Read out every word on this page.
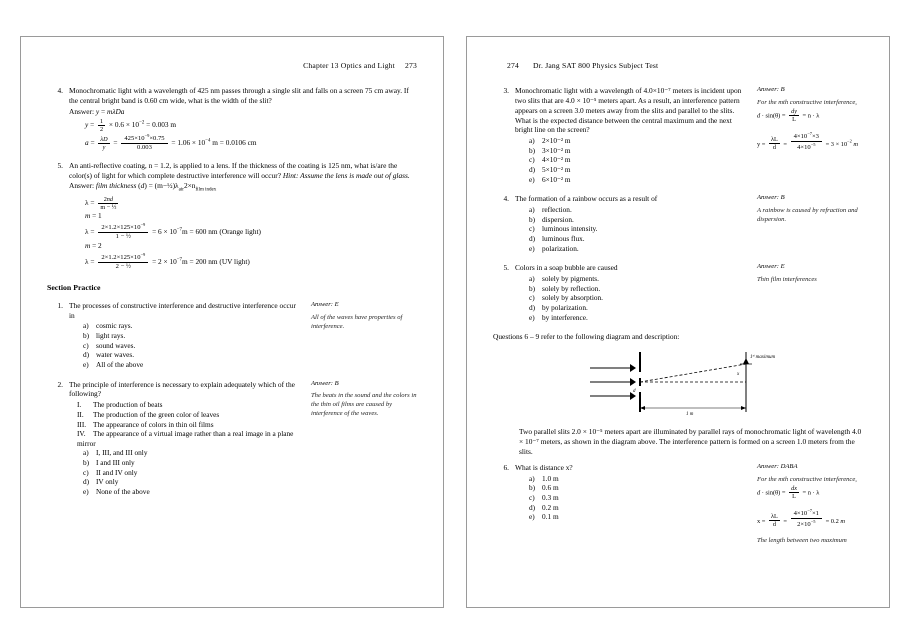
Chapter 13 Optics and Light 273
4. Monochromatic light with a wavelength of 425 nm passes through a single slit and falls on a screen 75 cm away. If the central bright band is 0.60 cm wide, what is the width of the slit?

Answer: y = mλDa

$y = \frac{1}{2} \times 0.6 \times 10^{-2} = 0.003$ m
$a = \frac{\lambda D}{y} = \frac{425\times 10^{-9}\times 0.75}{0.003} = 1.06 \times 10^{-4}$ m = 0.0106 cm
5. An anti-reflective coating, n = 1.2, is applied to a lens. If the thickness of the coating is 125 nm, what is/are the color(s) of light for which complete destructive interference will occur? Hint: Assume the lens is made out of glass.

Answer: film thickness $(d) = (m-\frac{1}{2})\lambda_{air}2\times n_{film index}$

$\lambda = \frac{2nd}{\text{m − ½}}$
m = 1
$\lambda = \frac{2\times 1.2\times 125\times 10^{-9}}{\text{1 − ½}} = 6 \times 10^{-7}m = 600$ nm (Orange light)
m = 2
$\lambda = \frac{2\times 1.2\times 125\times 10^{-9}}{\text{2 − ½}} = 2 \times 10^{-7}m = 200$ nm (UV light)
Section Practice
1. The processes of constructive interference and destructive interference occur in

a) cosmic rays.
b) light rays.
c) sound waves.
d) water waves.
e) All of the above
Answer: E
All of the waves have properties of interference.
2. The principle of interference is necessary to explain adequately which of the following?

I. The production of beats
II. The production of the green color of leaves
III. The appearance of colors in thin oil films
IV. The appearance of a virtual image rather than a real image in a plane mirror
a) I, III, and III only
b) I and III only
c) II and IV only
d) IV only
e) None of the above
Answer: B
The beats in the sound and the colors in the thin oil films are caused by interference of the waves.
274 Dr. Jang SAT 800 Physics Subject Test
3. Monochromatic light with a wavelength of 4.0×10⁻⁷ meters is incident upon two slits that are 4.0 × 10⁻⁵ meters apart. As a result, an interference pattern appears on a screen 3.0 meters away from the slits and parallel to the slits. What is the expected distance between the central maximum and the next bright line on the screen?

a) 2×10⁻² m
b) 3×10⁻² m
c) 4×10⁻² m
d) 5×10⁻² m
e) 6×10⁻² m
Answer: B
For the mth constructive interference,
$d \cdot \sin(\theta) = \frac{dy}{L} = n \cdot \lambda$
$y = \frac{\lambda L}{d} = \frac{4\times 10^{-7}\times 3}{4\times 10^{-5}} = 3 \times 10^{-2}$ m
4. The formation of a rainbow occurs as a result of

a) reflection.
b) dispersion.
c) luminous intensity.
d) luminous flux.
e) polarization.
Answer: B
A rainbow is caused by refraction and dispersion.
5. Colors in a soap bubble are caused

a) solely by pigments.
b) solely by reflection.
c) solely by absorption.
d) by polarization.
e) by interference.
Answer: E
Thin film interferences
Questions 6 – 9 refer to the following diagram and description:
1ˢᵗ maximum
x
d
1 m
Two parallel slits 2.0 × 10⁻⁵ meters apart are illuminated by parallel rays of monochromatic light of wavelength 4.0 × 10⁻⁷ meters, as shown in the diagram above. The interference pattern is formed on a screen 1.0 meters from the slits.
6. What is distance x?

a) 1.0 m
b) 0.6 m
c) 0.3 m
d) 0.2 m
e) 0.1 m
Answer: DABA
For the mth constructive interference,
$d \cdot \sin(\theta) = \frac{dx}{L} = n \cdot \lambda$
$x = \frac{\lambda L}{d} = \frac{4\times 10^{-7}\times 1}{2\times 10^{-5}} = 0.2$ m
The length between two maximum
